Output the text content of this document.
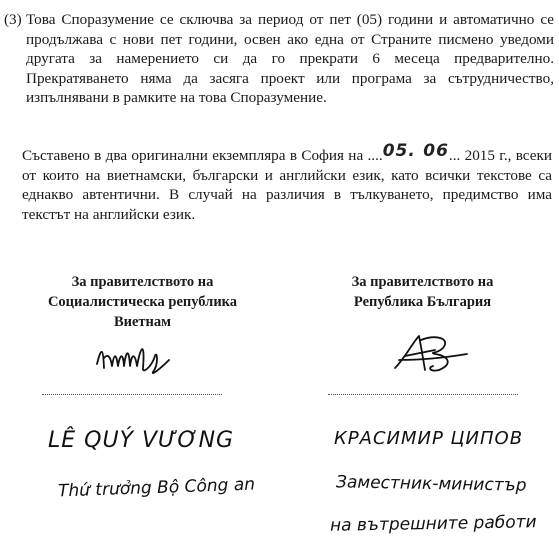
(3) Това Споразумение се сключва за период от пет (05) години и автоматично се продължава с нови пет години, освен ако една от Страните писмено уведоми другата за намерението си да го прекрати 6 месеца предварително. Прекратяването няма да засяга проект или програма за сътрудничество, изпълнявани в рамките на това Споразумение.

Съставено в два оригинални екземпляра в София на ....05. 06... 2015 г., всеки от които на виетнамски, български и английски език, като всички текстове са еднакво автентични. В случай на различия в тълкуването, предимство има текстът на английски език.

За правителството на
Социалистическа република
Виетнам
За правителството на
Република България

LÊ QUÝ VƯƠNG

Thứ trưởng Bộ Công an

КРАСИМИР ЦИПОВ

Заместник-министър

на вътрешните работи
